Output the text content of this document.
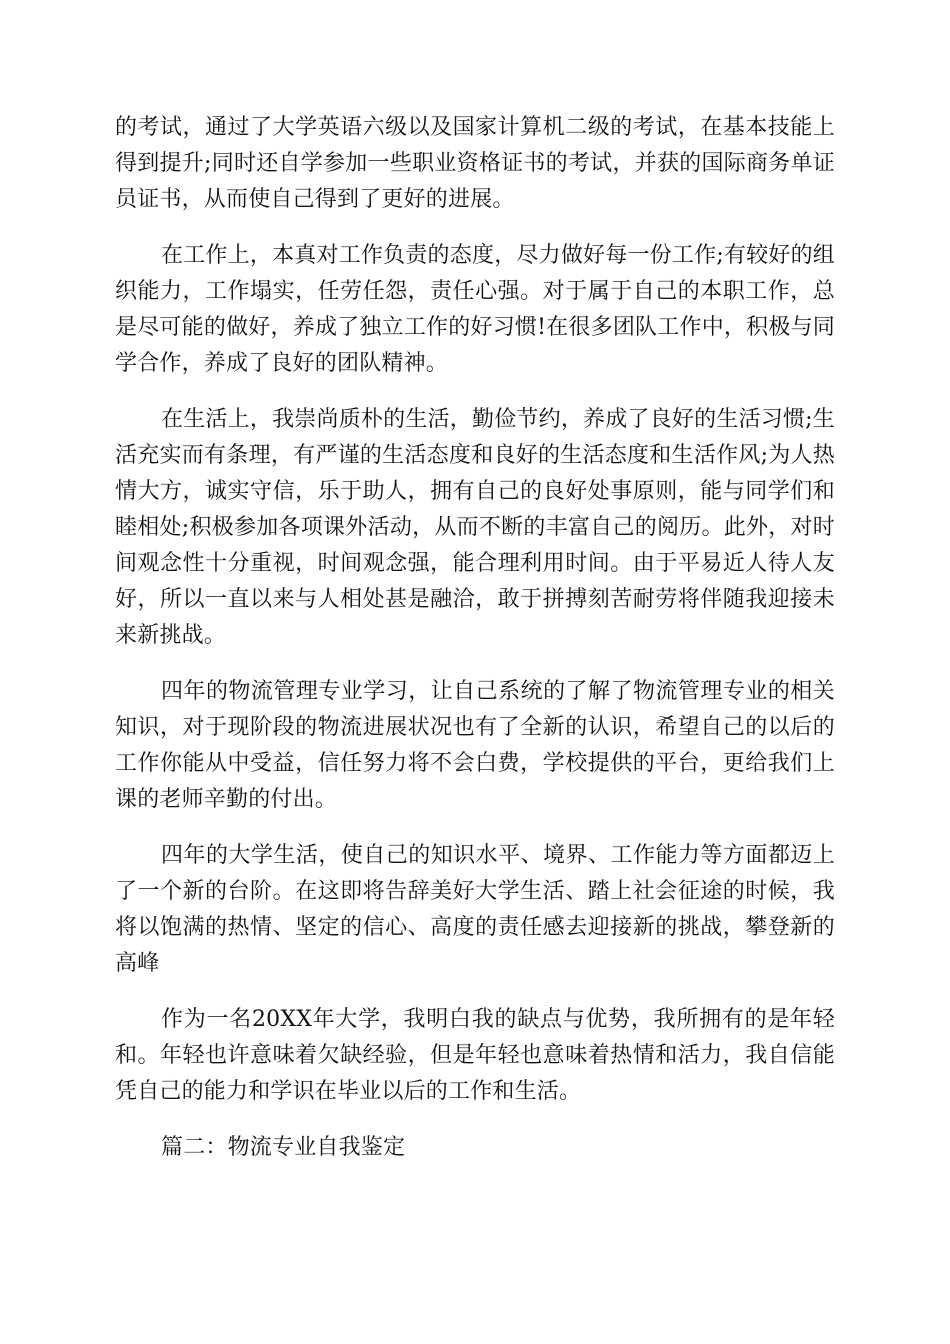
的考试，通过了大学英语六级以及国家计算机二级的考试，在基本技能上得到提升;同时还自学参加一些职业资格证书的考试，并获的国际商务单证员证书，从而使自己得到了更好的进展。

在工作上，本真对工作负责的态度，尽力做好每一份工作;有较好的组织能力，工作塌实，任劳任怨，责任心强。对于属于自己的本职工作，总是尽可能的做好，养成了独立工作的好习惯!在很多团队工作中，积极与同学合作，养成了良好的团队精神。

在生活上，我崇尚质朴的生活，勤俭节约，养成了良好的生活习惯;生活充实而有条理，有严谨的生活态度和良好的生活态度和生活作风;为人热情大方，诚实守信，乐于助人，拥有自己的良好处事原则，能与同学们和睦相处;积极参加各项课外活动，从而不断的丰富自己的阅历。此外，对时间观念性十分重视，时间观念强，能合理利用时间。由于平易近人待人友好，所以一直以来与人相处甚是融洽，敢于拼搏刻苦耐劳将伴随我迎接未来新挑战。

四年的物流管理专业学习，让自己系统的了解了物流管理专业的相关知识，对于现阶段的物流进展状况也有了全新的认识，希望自己的以后的工作你能从中受益，信任努力将不会白费，学校提供的平台，更给我们上课的老师辛勤的付出。

四年的大学生活，使自己的知识水平、境界、工作能力等方面都迈上了一个新的台阶。在这即将告辞美好大学生活、踏上社会征途的时候，我将以饱满的热情、坚定的信心、高度的责任感去迎接新的挑战，攀登新的高峰

作为一名20XX年大学，我明白我的缺点与优势，我所拥有的是年轻和。年轻也许意味着欠缺经验，但是年轻也意味着热情和活力，我自信能凭自己的能力和学识在毕业以后的工作和生活。

篇二：物流专业自我鉴定
